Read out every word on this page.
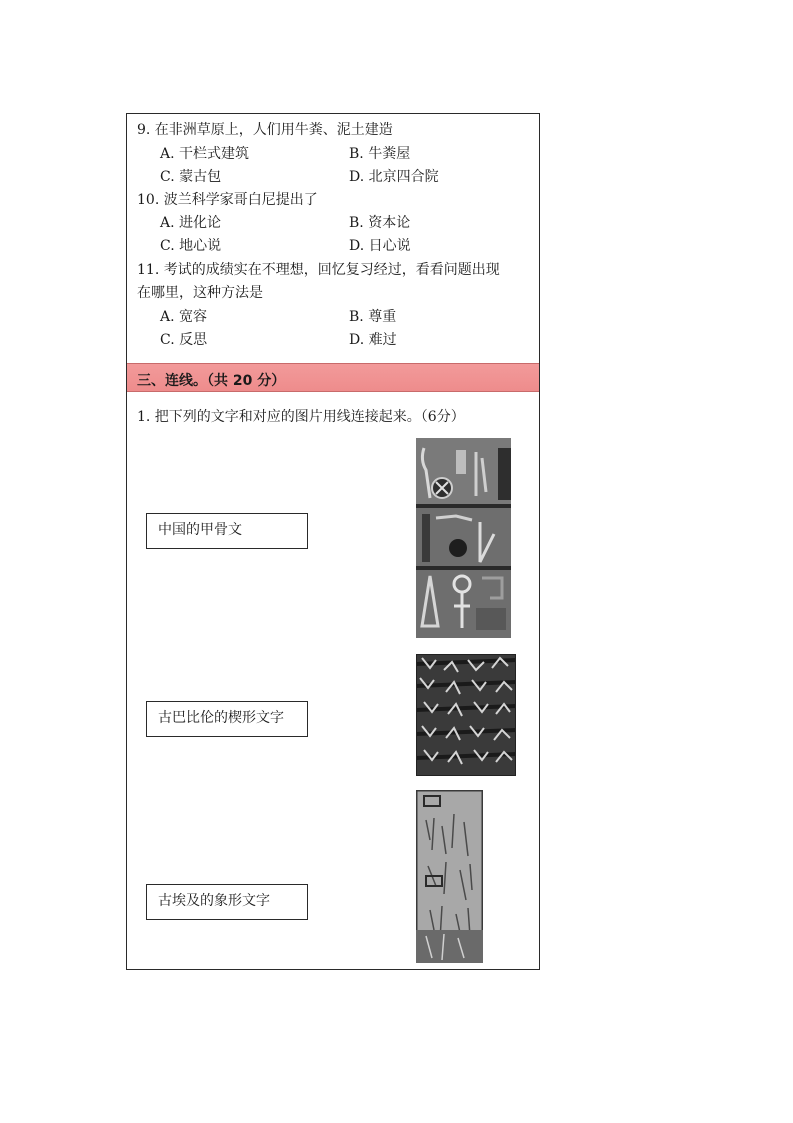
9. 在非洲草原上，人们用牛粪、泥土建造
A. 干栏式建筑	B. 牛粪屋
C. 蒙古包	D. 北京四合院
10. 波兰科学家哥白尼提出了
A. 进化论	B. 资本论
C. 地心说	D. 日心说
11. 考试的成绩实在不理想，回忆复习经过，看看问题出现
在哪里，这种方法是
A. 宽容	B. 尊重
C. 反思	D. 难过
三、连线。（共 20 分）
1. 把下列的文字和对应的图片用线连接起来。（6分）
中国的甲骨文
古巴比伦的楔形文字
古埃及的象形文字
